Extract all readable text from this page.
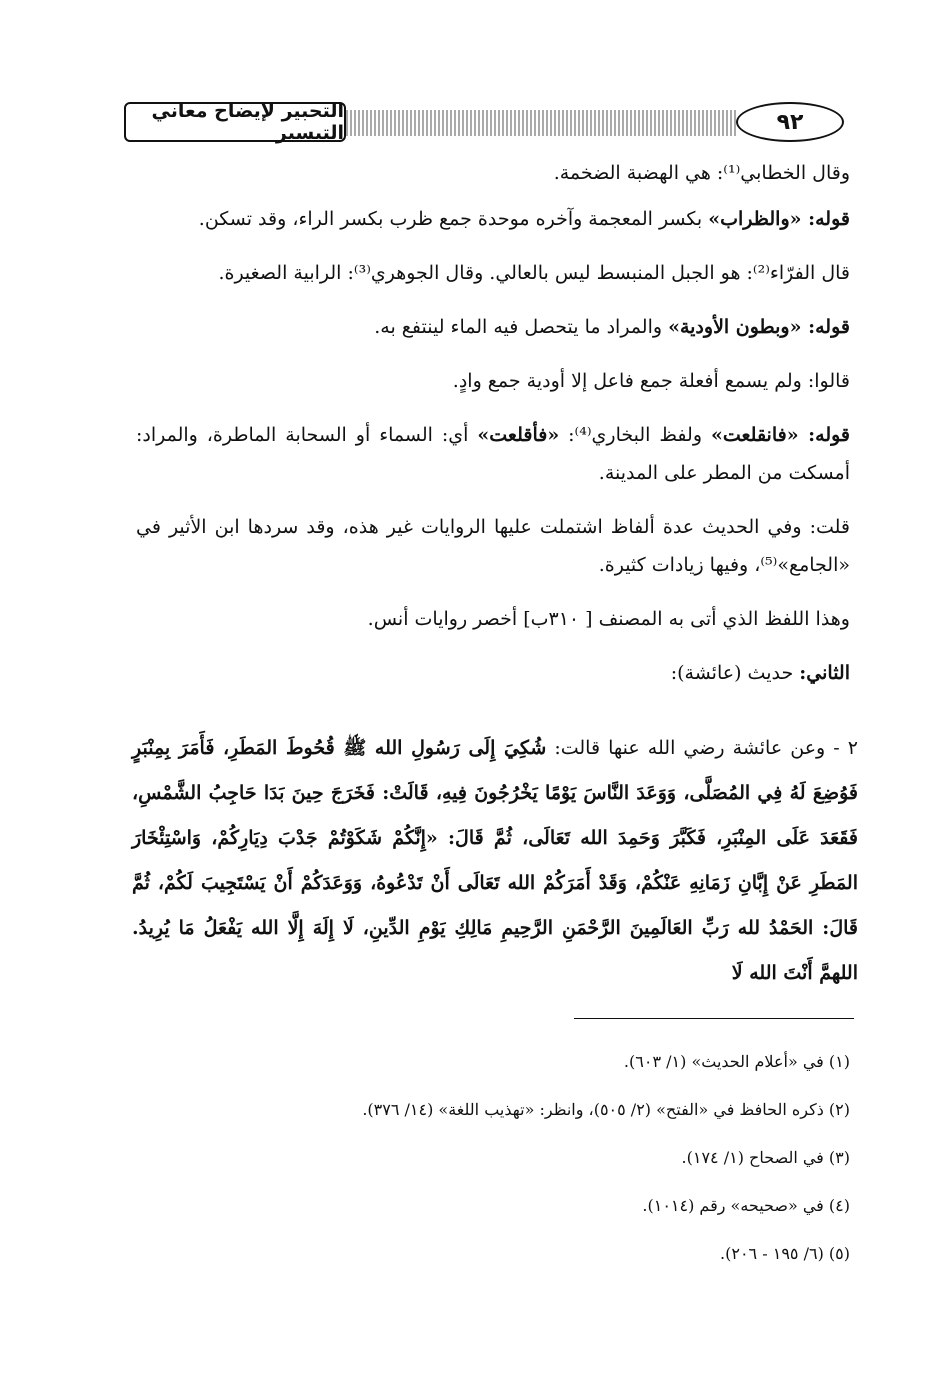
التحبير لإيضاح معاني التيسير	٩٢

وقال الخطابي⁽¹⁾: هي الهضبة الضخمة.

قوله: «والظراب» بكسر المعجمة وآخره موحدة جمع ظرب بكسر الراء، وقد تسكن.

قال الفرّاء⁽²⁾: هو الجبل المنبسط ليس بالعالي. وقال الجوهري⁽³⁾: الرابية الصغيرة.

قوله: «وبطون الأودية» والمراد ما يتحصل فيه الماء لينتفع به.

قالوا: ولم يسمع أفعلة جمع فاعل إلا أودية جمع وادٍ.

قوله: «فانقلعت» ولفظ البخاري⁽⁴⁾: «فأقلعت» أي: السماء أو السحابة الماطرة، والمراد: أمسكت من المطر على المدينة.

قلت: وفي الحديث عدة ألفاظ اشتملت عليها الروايات غير هذه، وقد سردها ابن الأثير في «الجامع»⁽⁵⁾، وفيها زيادات كثيرة.

وهذا اللفظ الذي أتى به المصنف [ ٣١٠ب] أخصر روايات أنس.

الثاني: حديث (عائشة):

٢ - وعن عائشة رضي الله عنها قالت: شُكِيَ إِلَى رَسُولِ الله ﷺ قُحُوطَ المَطَرِ، فَأَمَرَ بِمِنْبَرٍ فَوُضِعَ لَهُ فِي المُصَلَّى، وَوَعَدَ النَّاسَ يَوْمًا يَخْرُجُونَ فِيهِ، قَالَتْ: فَخَرَجَ حِينَ بَدَا حَاجِبُ الشَّمْسِ، فَقَعَدَ عَلَى المِنْبَرِ، فَكَبَّرَ وَحَمِدَ الله تَعَالَى، ثُمَّ قَالَ: «إِنَّكُمْ شَكَوْتُمْ جَدْبَ دِيَارِكُمْ، وَاسْتِئْخَارَ المَطَرِ عَنْ إِبَّانِ زَمَانِهِ عَنْكُمْ، وَقَدْ أَمَرَكُمْ الله تَعَالَى أَنْ تَدْعُوهُ، وَوَعَدَكُمْ أَنْ يَسْتَجِيبَ لَكُمْ، ثُمَّ قَالَ: الحَمْدُ لله رَبِّ العَالَمِينَ الرَّحْمَنِ الرَّحِيمِ مَالِكِ يَوْمِ الدِّينِ، لَا إِلَهَ إِلَّا الله يَفْعَلُ مَا يُرِيدُ. اللهمَّ أَنْتَ الله لَا
(١) في «أعلام الحديث» (١/ ٦٠٣).
(٢) ذكره الحافظ في «الفتح» (٢/ ٥٠٥)، وانظر: «تهذيب اللغة» (١٤/ ٣٧٦).
(٣) في الصحاح (١/ ١٧٤).
(٤) في «صحيحه» رقم (١٠١٤).
(٥) (٦/ ١٩٥ - ٢٠٦).
